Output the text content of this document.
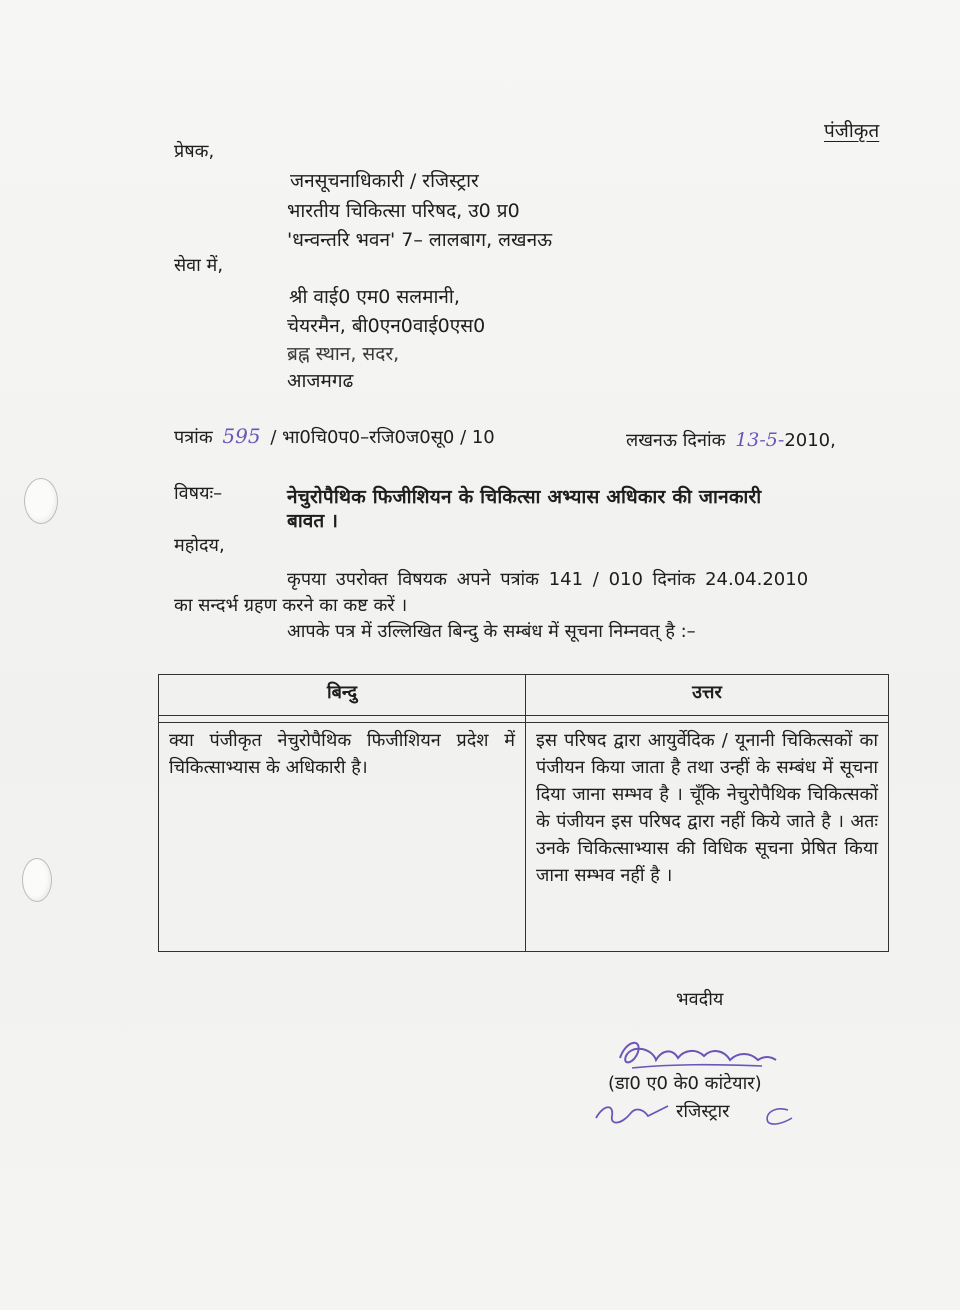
पंजीकृत
प्रेषक,
जनसूचनाधिकारी / रजिस्ट्रार
भारतीय चिकित्सा परिषद, उ0 प्र0
'धन्वन्तरि भवन' 7– लालबाग, लखनऊ
सेवा में,
श्री वाई0 एम0 सलमानी,
चेयरमैन, बी0एन0वाई0एस0
ब्रह्न स्थान, सदर,
आजमगढ
पत्रांक 595 / भा0चि0प0–रजि0ज0सू0 / 10	लखनऊ दिनांक 13-5-2010,
विषयः–	नेचुरोपैथिक फिजीशियन के चिकित्सा अभ्यास अधिकार की जानकारी
बावत ।
महोदय,
कृपया उपरोक्त विषयक अपने पत्रांक 141 / 010 दिनांक 24.04.2010
का सन्दर्भ ग्रहण करने का कष्ट करें ।
आपके पत्र में उल्लिखित बिन्दु के सम्बंध में सूचना निम्नवत् है :–
बिन्दु	उत्तर

क्या पंजीकृत नेचुरोपैथिक फिजीशियन प्रदेश में चिकित्साभ्यास के अधिकारी है।	इस परिषद द्वारा आयुर्वेदिक / यूनानी चिकित्सकों का पंजीयन किया जाता है तथा उन्हीं के सम्बंध में सूचना दिया जाना सम्भव है । चूँकि नेचुरोपैथिक चिकित्सकों के पंजीयन इस परिषद द्वारा नहीं किये जाते है । अतः उनके चिकित्साभ्यास की विधिक सूचना प्रेषित किया जाना सम्भव नहीं है ।
भवदीय
(डा0 ए0 के0 कांटेयार)
रजिस्ट्रार
